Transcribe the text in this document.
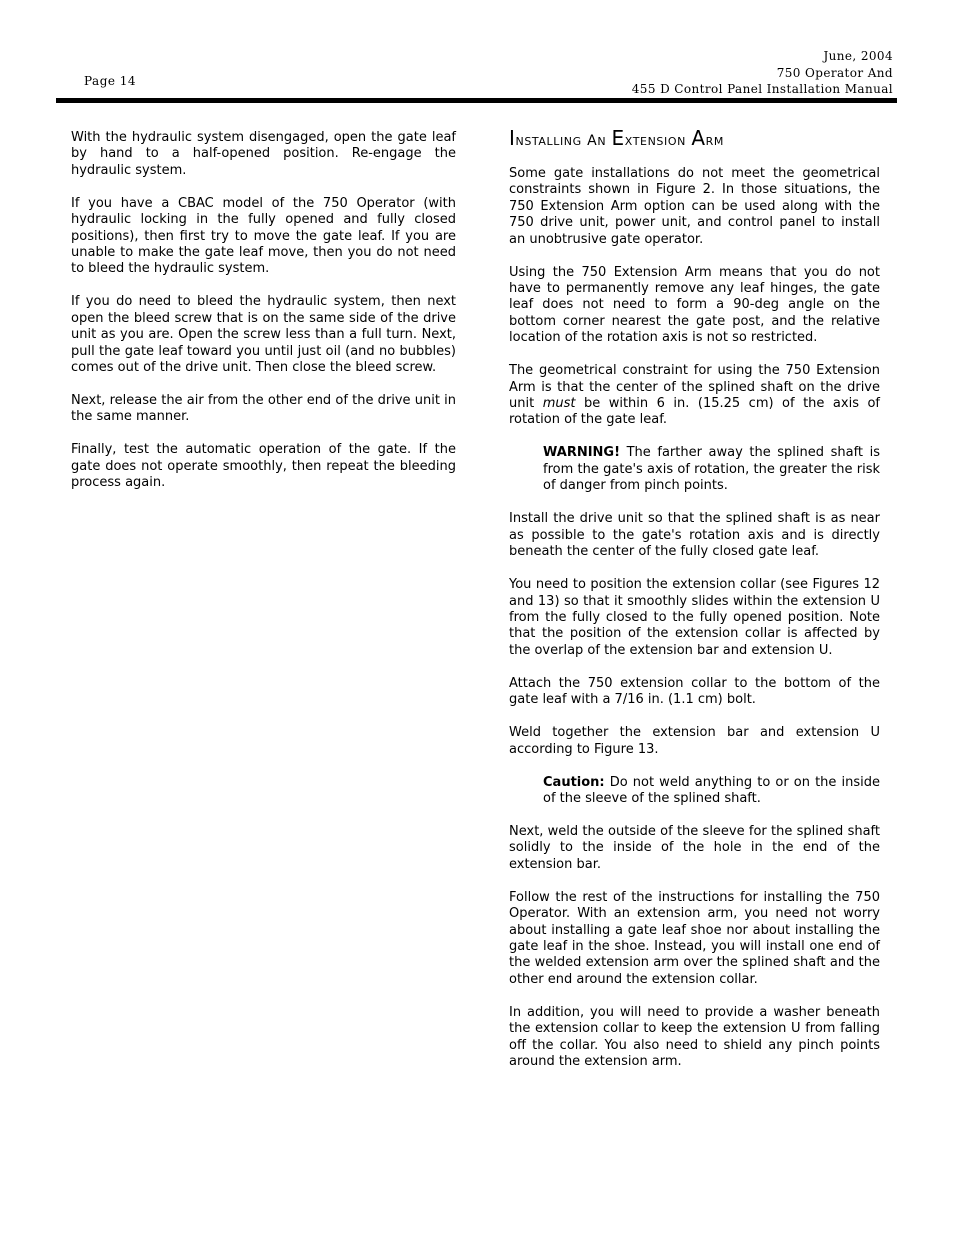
Page 14
June, 2004
750 Operator And
455 D Control Panel Installation Manual

With the hydraulic system disengaged, open the gate leaf by hand to a half-opened position. Re-engage the hydraulic system.

If you have a CBAC model of the 750 Operator (with hydraulic locking in the fully opened and fully closed positions), then first try to move the gate leaf. If you are unable to make the gate leaf move, then you do not need to bleed the hydraulic system.

If you do need to bleed the hydraulic system, then next open the bleed screw that is on the same side of the drive unit as you are. Open the screw less than a full turn. Next, pull the gate leaf toward you until just oil (and no bubbles) comes out of the drive unit. Then close the bleed screw.

Next, release the air from the other end of the drive unit in the same manner.

Finally, test the automatic operation of the gate. If the gate does not operate smoothly, then repeat the bleeding process again.

Installing an Extension Arm

Some gate installations do not meet the geometrical constraints shown in Figure 2. In those situations, the 750 Extension Arm option can be used along with the 750 drive unit, power unit, and control panel to install an unobtrusive gate operator.

Using the 750 Extension Arm means that you do not have to permanently remove any leaf hinges, the gate leaf does not need to form a 90-deg angle on the bottom corner nearest the gate post, and the relative location of the rotation axis is not so restricted.

The geometrical constraint for using the 750 Extension Arm is that the center of the splined shaft on the drive unit must be within 6 in. (15.25 cm) of the axis of rotation of the gate leaf.

WARNING! The farther away the splined shaft is from the gate's axis of rotation, the greater the risk of danger from pinch points.

Install the drive unit so that the splined shaft is as near as possible to the gate's rotation axis and is directly beneath the center of the fully closed gate leaf.

You need to position the extension collar (see Figures 12 and 13) so that it smoothly slides within the extension U from the fully closed to the fully opened position. Note that the position of the extension collar is affected by the overlap of the extension bar and extension U.

Attach the 750 extension collar to the bottom of the gate leaf with a 7/16 in. (1.1 cm) bolt.

Weld together the extension bar and extension U according to Figure 13.

Caution: Do not weld anything to or on the inside of the sleeve of the splined shaft.

Next, weld the outside of the sleeve for the splined shaft solidly to the inside of the hole in the end of the extension bar.

Follow the rest of the instructions for installing the 750 Operator. With an extension arm, you need not worry about installing a gate leaf shoe nor about installing the gate leaf in the shoe. Instead, you will install one end of the welded extension arm over the splined shaft and the other end around the extension collar.

In addition, you will need to provide a washer beneath the extension collar to keep the extension U from falling off the collar. You also need to shield any pinch points around the extension arm.
